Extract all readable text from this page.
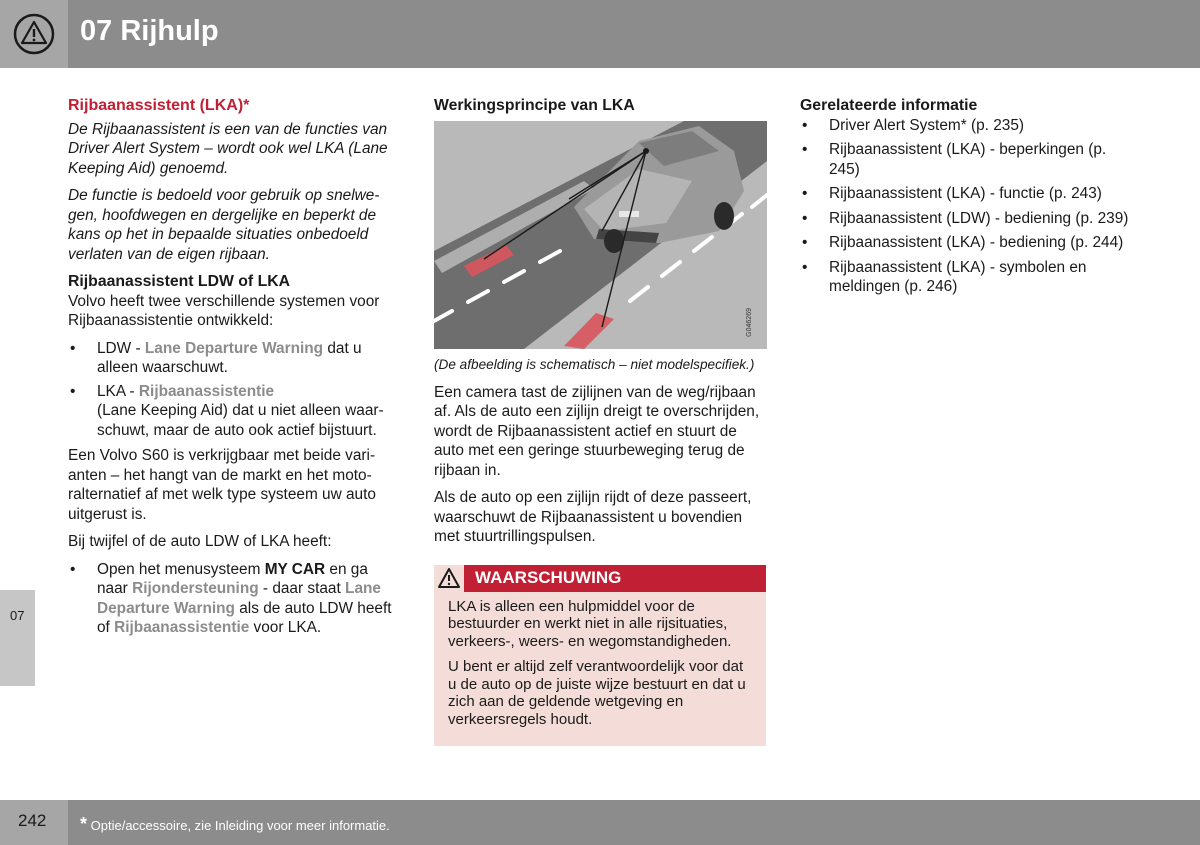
07 Rijhulp
07
Rijbaanassistent (LKA)*

De Rijbaanassistent is een van de functies van Driver Alert System – wordt ook wel LKA (Lane Keeping Aid) genoemd.

De functie is bedoeld voor gebruik op snelwegen, hoofdwegen en dergelijke en beperkt de kans op het in bepaalde situaties onbedoeld verlaten van de eigen rijbaan.

Rijbaanassistent LDW of LKA

Volvo heeft twee verschillende systemen voor Rijbaanassistentie ontwikkeld:

• LDW - Lane Departure Warning dat u alleen waarschuwt.
• LKA - Rijbaanassistentie
(Lane Keeping Aid) dat u niet alleen waarschuwt, maar de auto ook actief bijstuurt.

Een Volvo S60 is verkrijgbaar met beide varianten – het hangt van de markt en het motoralternatief af met welk type systeem uw auto uitgerust is.

Bij twijfel of de auto LDW of LKA heeft:

• Open het menusysteem MY CAR en ga naar Rijondersteuning - daar staat Lane Departure Warning als de auto LDW heeft of Rijbaanassistentie voor LKA.
Werkingsprincipe van LKA
G046269

(De afbeelding is schematisch – niet modelspecifiek.)

Een camera tast de zijlijnen van de weg/rijbaan af. Als de auto een zijlijn dreigt te overschrijden, wordt de Rijbaanassistent actief en stuurt de auto met een geringe stuurbeweging terug de rijbaan in.

Als de auto op een zijlijn rijdt of deze passeert, waarschuwt de Rijbaanassistent u bovendien met stuurtrillingspulsen.

WAARSCHUWING

LKA is alleen een hulpmiddel voor de bestuurder en werkt niet in alle rijsituaties, verkeers-, weers- en wegomstandigheden.

U bent er altijd zelf verantwoordelijk voor dat u de auto op de juiste wijze bestuurt en dat u zich aan de geldende wetgeving en verkeersregels houdt.

Gerelateerde informatie
• Driver Alert System* (p. 235)
• Rijbaanassistent (LKA) - beperkingen (p. 245)
• Rijbaanassistent (LKA) - functie (p. 243)
• Rijbaanassistent (LDW) - bediening (p. 239)
• Rijbaanassistent (LKA) - bediening (p. 244)
• Rijbaanassistent (LKA) - symbolen en meldingen (p. 246)
242 * Optie/accessoire, zie Inleiding voor meer informatie.
